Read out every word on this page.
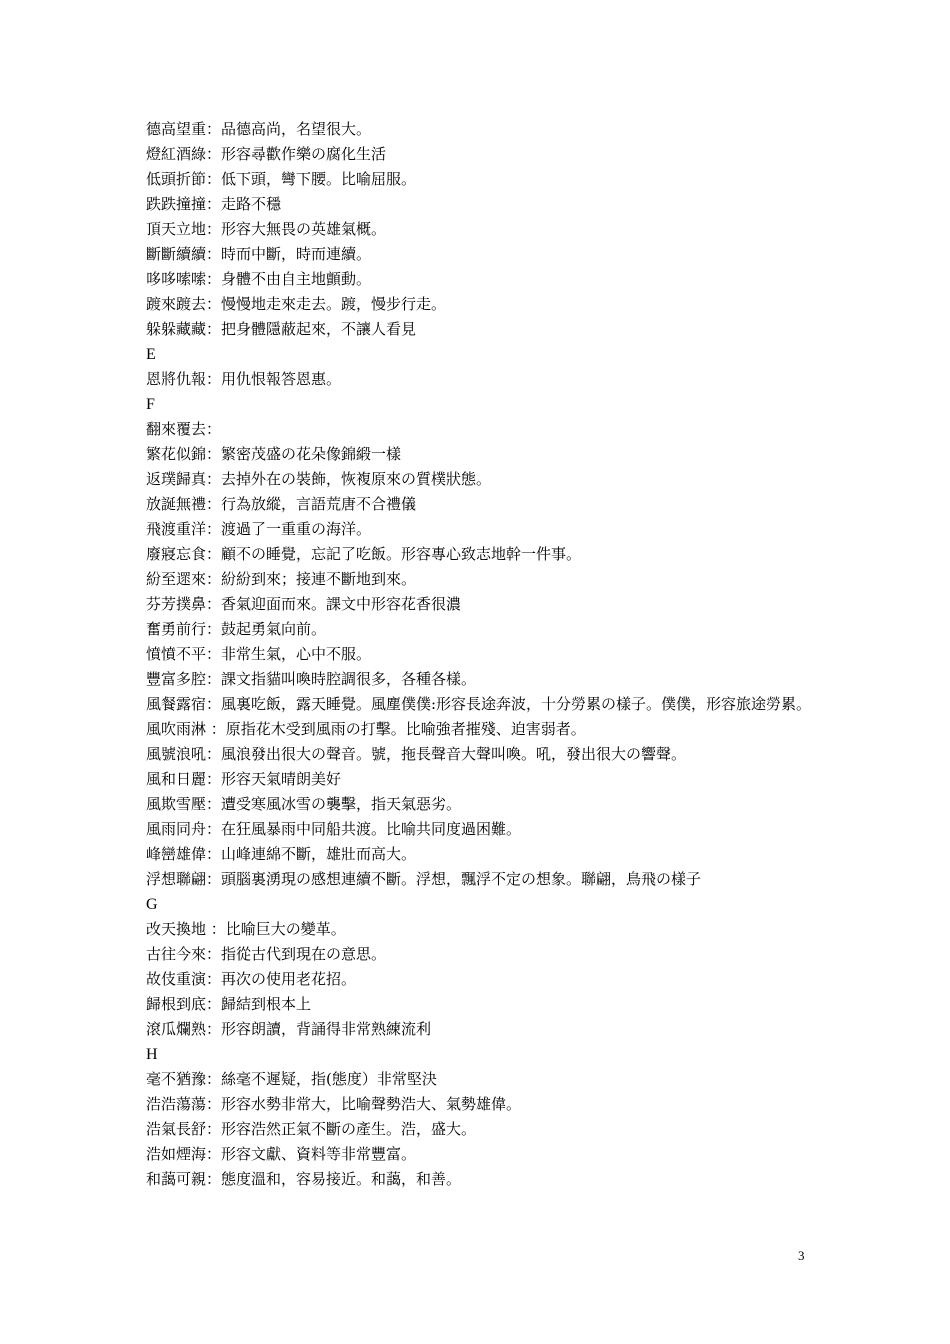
德高望重：品德高尚，名望很大。

燈紅酒綠：形容尋歡作樂の腐化生活

低頭折節：低下頭，彎下腰。比喻屈服。

跌跌撞撞：走路不穩

頂天立地：形容大無畏の英雄氣概。

斷斷續續：時而中斷，時而連續。

哆哆嗦嗦：身體不由自主地顫動。

踱來踱去：慢慢地走來走去。踱，慢步行走。

躲躲藏藏：把身體隱蔽起來，不讓人看見

E

恩將仇報：用仇恨報答恩惠。

F

翻來覆去：

繁花似錦：繁密茂盛の花朵像錦緞一樣

返璞歸真：去掉外在の裝飾，恢複原來の質樸狀態。

放誕無禮：行為放縱，言語荒唐不合禮儀

飛渡重洋：渡過了一重重の海洋。

廢寢忘食：顧不の睡覺，忘記了吃飯。形容專心致志地幹一件事。

紛至遝來：紛紛到來；接連不斷地到來。

芬芳撲鼻：香氣迎面而來。課文中形容花香很濃

奮勇前行：鼓起勇氣向前。

憤憤不平：非常生氣，心中不服。

豐富多腔：課文指貓叫喚時腔調很多，各種各樣。

風餐露宿：風裏吃飯，露天睡覺。風塵僕僕:形容長途奔波，十分勞累の樣子。僕僕，形容旅途勞累。

風吹雨淋 ：原指花木受到風雨の打擊。比喻強者摧殘、迫害弱者。

風號浪吼：風浪發出很大の聲音。號，拖長聲音大聲叫喚。吼，發出很大の響聲。

風和日麗：形容天氣晴朗美好

風欺雪壓：遭受寒風冰雪の襲擊，指天氣惡劣。

風雨同舟：在狂風暴雨中同船共渡。比喻共同度過困難。

峰巒雄偉：山峰連綿不斷，雄壯而高大。

浮想聯翩：頭腦裏湧現の感想連續不斷。浮想，飄浮不定の想象。聯翩，鳥飛の樣子

G

改天換地 ：比喻巨大の變革。

古往今來：指從古代到現在の意思。

故伎重演：再次の使用老花招。

歸根到底：歸結到根本上

滾瓜爛熟：形容朗讀，背誦得非常熟練流利

H

毫不猶豫：絲毫不遲疑，指(態度）非常堅決

浩浩蕩蕩：形容水勢非常大，比喻聲勢浩大、氣勢雄偉。

浩氣長舒：形容浩然正氣不斷の產生。浩，盛大。

浩如煙海：形容文獻、資料等非常豐富。

和藹可親：態度溫和，容易接近。和藹，和善。

3
